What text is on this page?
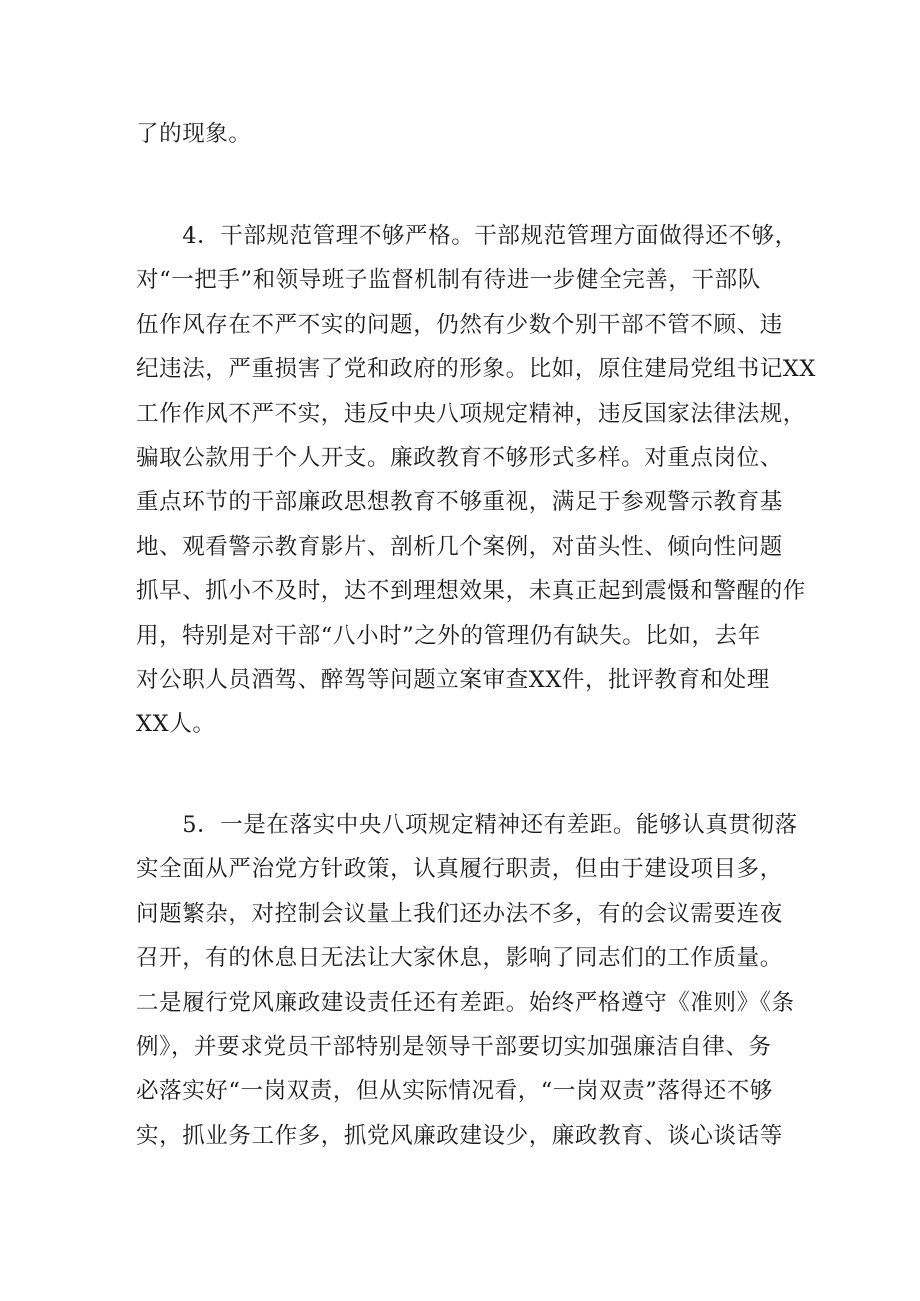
了的现象。
　　4．干部规范管理不够严格。干部规范管理方面做得还不够，
对“一把手”和领导班子监督机制有待进一步健全完善，干部队
伍作风存在不严不实的问题，仍然有少数个别干部不管不顾、违
纪违法，严重损害了党和政府的形象。比如，原住建局党组书记XX
工作作风不严不实，违反中央八项规定精神，违反国家法律法规，
骗取公款用于个人开支。廉政教育不够形式多样。对重点岗位、
重点环节的干部廉政思想教育不够重视，满足于参观警示教育基
地、观看警示教育影片、剖析几个案例，对苗头性、倾向性问题
抓早、抓小不及时，达不到理想效果，未真正起到震慑和警醒的作
用，特别是对干部“八小时”之外的管理仍有缺失。比如，去年
对公职人员酒驾、醉驾等问题立案审查XX件，批评教育和处理
XX人。
　　5．一是在落实中央八项规定精神还有差距。能够认真贯彻落
实全面从严治党方针政策，认真履行职责，但由于建设项目多，
问题繁杂，对控制会议量上我们还办法不多，有的会议需要连夜
召开，有的休息日无法让大家休息，影响了同志们的工作质量。
二是履行党风廉政建设责任还有差距。始终严格遵守《准则》《条
例》，并要求党员干部特别是领导干部要切实加强廉洁自律、务
必落实好“一岗双责，但从实际情况看，“一岗双责”落得还不够
实，抓业务工作多，抓党风廉政建设少，廉政教育、谈心谈话等
